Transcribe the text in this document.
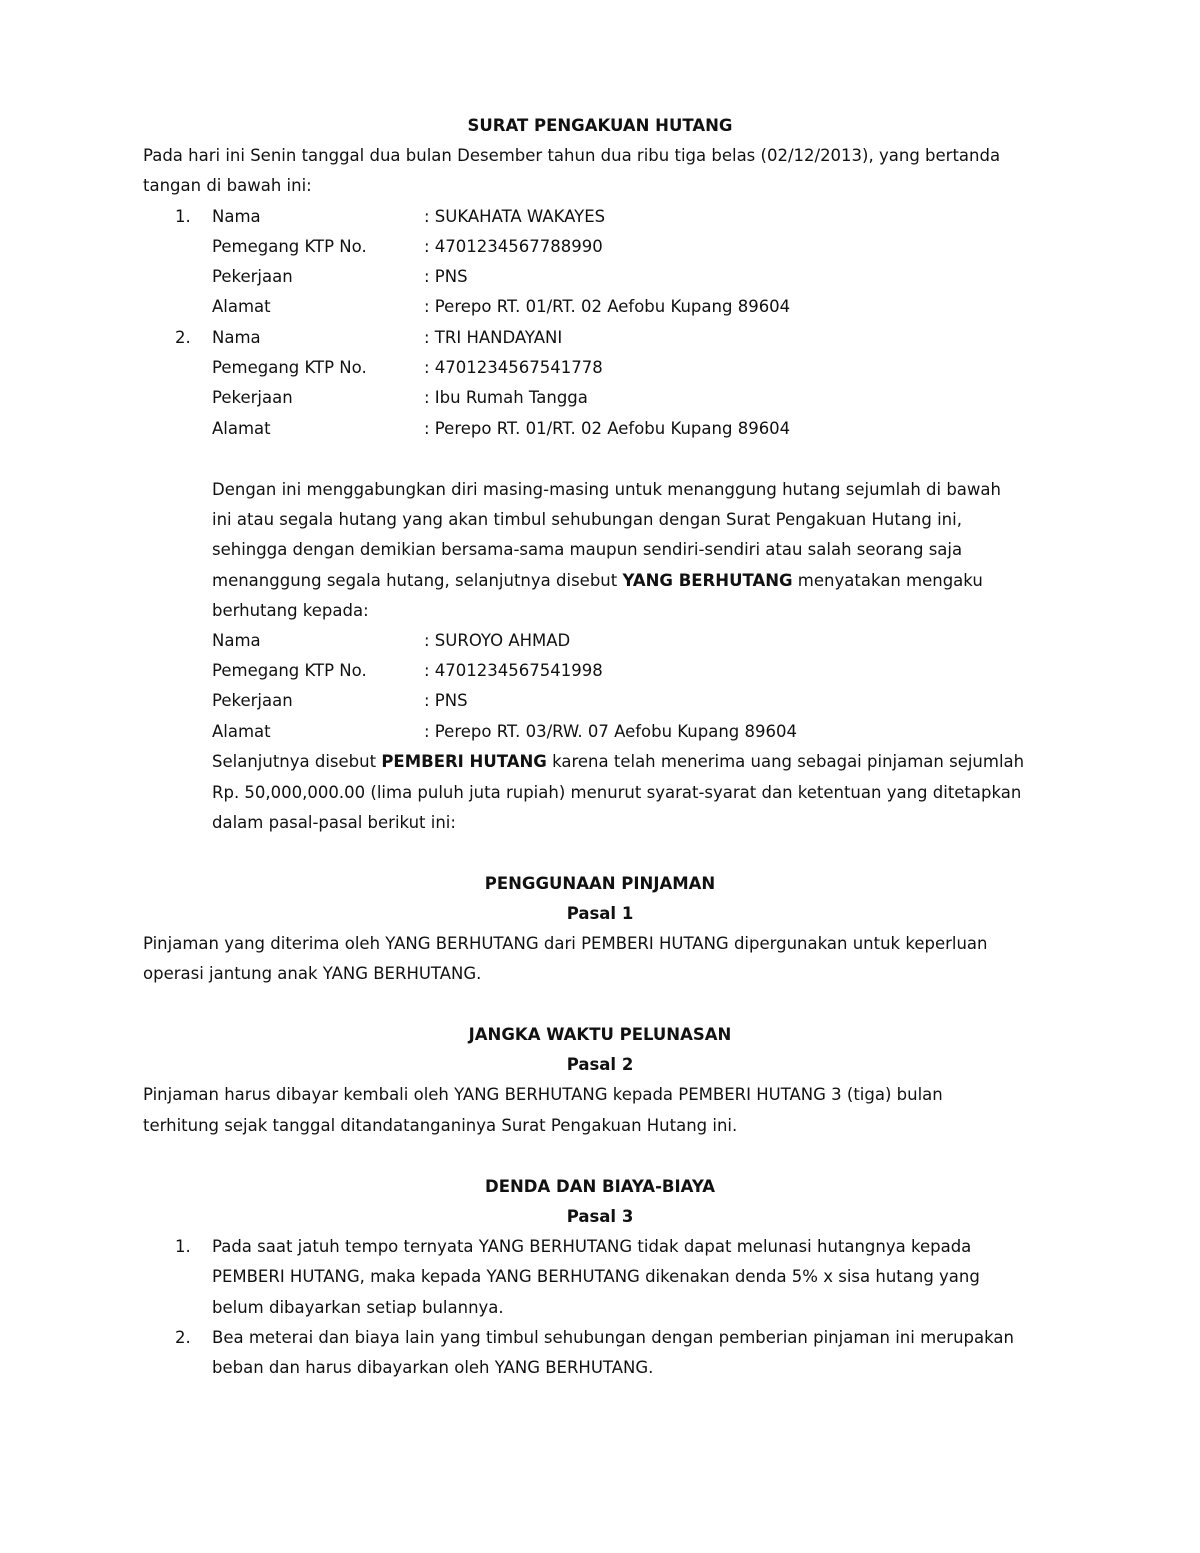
SURAT PENGAKUAN HUTANG
Pada hari ini Senin tanggal dua bulan Desember tahun dua ribu tiga belas (02/12/2013), yang bertanda
tangan di bawah ini:
1. Nama	: SUKAHATA WAKAYES
Pemegang KTP No.	: 4701234567788990
Pekerjaan	: PNS
Alamat	: Perepo RT. 01/RT. 02 Aefobu Kupang 89604
2. Nama	: TRI HANDAYANI
Pemegang KTP No.	: 4701234567541778
Pekerjaan	: Ibu Rumah Tangga
Alamat	: Perepo RT. 01/RT. 02 Aefobu Kupang 89604
Dengan ini menggabungkan diri masing-masing untuk menanggung hutang sejumlah di bawah
ini atau segala hutang yang akan timbul sehubungan dengan Surat Pengakuan Hutang ini,
sehingga dengan demikian bersama-sama maupun sendiri-sendiri atau salah seorang saja
menanggung segala hutang, selanjutnya disebut YANG BERHUTANG menyatakan mengaku
berhutang kepada:
Nama	: SUROYO AHMAD
Pemegang KTP No.	: 4701234567541998
Pekerjaan	: PNS
Alamat	: Perepo RT. 03/RW. 07 Aefobu Kupang 89604
Selanjutnya disebut PEMBERI HUTANG karena telah menerima uang sebagai pinjaman sejumlah
Rp. 50,000,000.00 (lima puluh juta rupiah) menurut syarat-syarat dan ketentuan yang ditetapkan
dalam pasal-pasal berikut ini:
PENGGUNAAN PINJAMAN
Pasal 1
Pinjaman yang diterima oleh YANG BERHUTANG dari PEMBERI HUTANG dipergunakan untuk keperluan
operasi jantung anak YANG BERHUTANG.
JANGKA WAKTU PELUNASAN
Pasal 2
Pinjaman harus dibayar kembali oleh YANG BERHUTANG kepada PEMBERI HUTANG 3 (tiga) bulan
terhitung sejak tanggal ditandatanganinya Surat Pengakuan Hutang ini.
DENDA DAN BIAYA-BIAYA
Pasal 3
1. Pada saat jatuh tempo ternyata YANG BERHUTANG tidak dapat melunasi hutangnya kepada
PEMBERI HUTANG, maka kepada YANG BERHUTANG dikenakan denda 5% x sisa hutang yang
belum dibayarkan setiap bulannya.
2. Bea meterai dan biaya lain yang timbul sehubungan dengan pemberian pinjaman ini merupakan
beban dan harus dibayarkan oleh YANG BERHUTANG.
